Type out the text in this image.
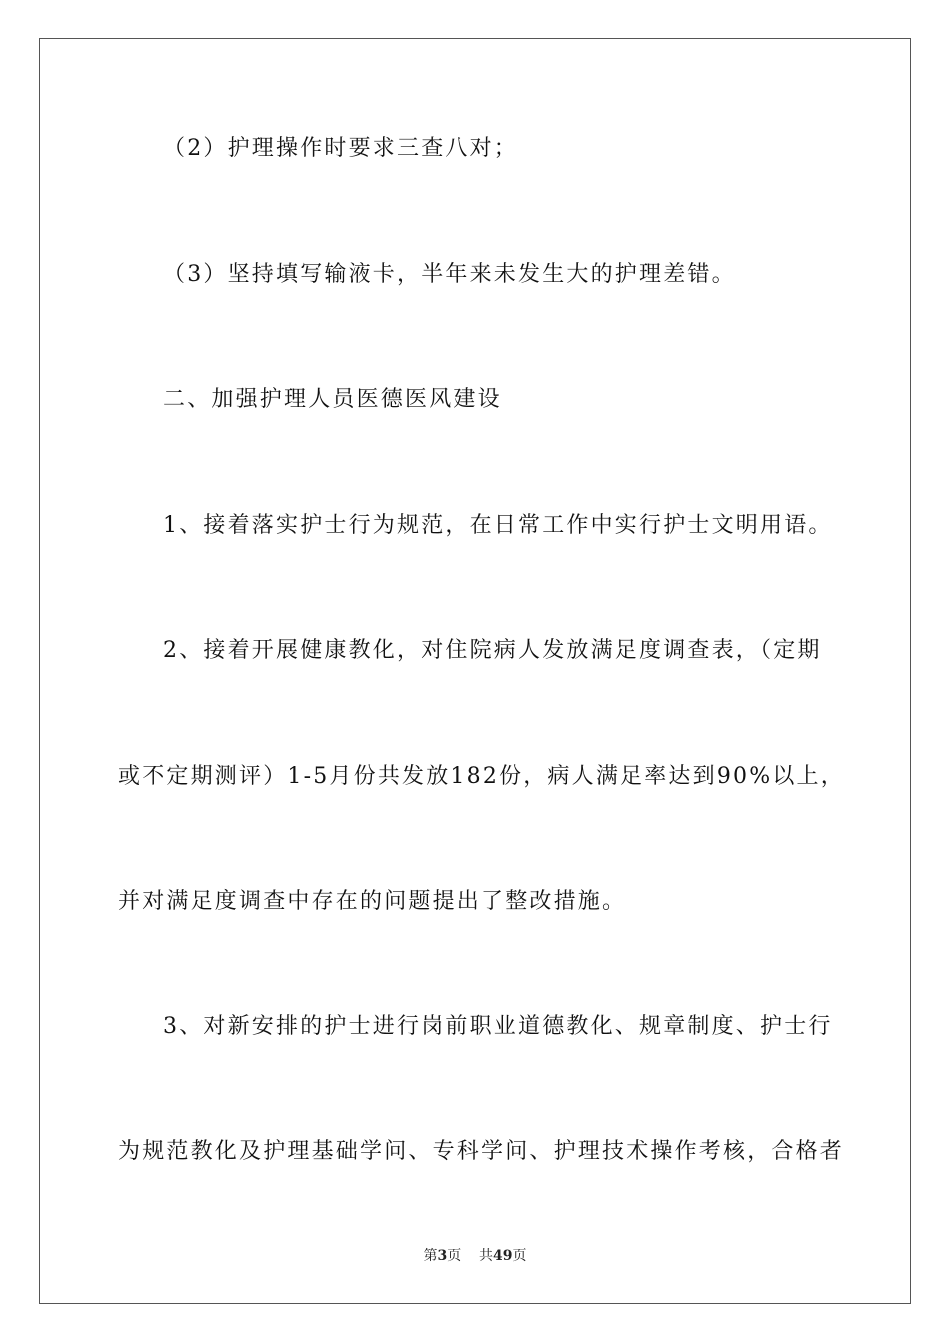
（2）护理操作时要求三查八对；
（3）坚持填写输液卡，半年来未发生大的护理差错。
二、加强护理人员医德医风建设
1、接着落实护士行为规范，在日常工作中实行护士文明用语。
2、接着开展健康教化，对住院病人发放满足度调查表，（定期
或不定期测评）1-5月份共发放182份，病人满足率达到90%以上，
并对满足度调查中存在的问题提出了整改措施。
3、对新安排的护士进行岗前职业道德教化、规章制度、护士行
为规范教化及护理基础学问、专科学问、护理技术操作考核，合格者
第3页 共49页
